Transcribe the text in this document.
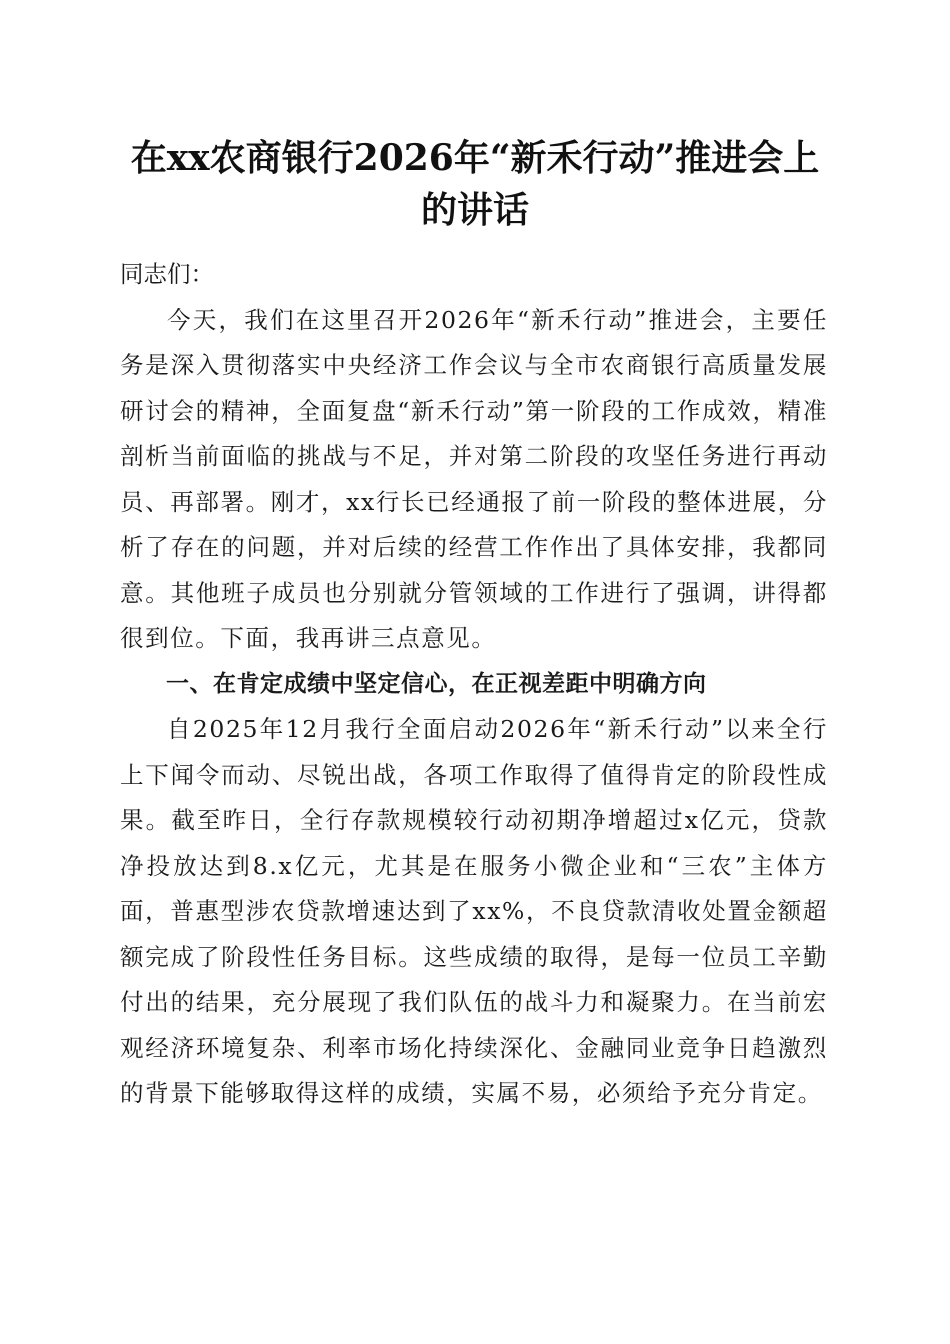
在xx农商银行2026年“新禾行动”推进会上
的讲话

同志们：

今天，我们在这里召开2026年“新禾行动”推进会，主要任务是深入贯彻落实中央经济工作会议与全市农商银行高质量发展研讨会的精神，全面复盘“新禾行动”第一阶段的工作成效，精准剖析当前面临的挑战与不足，并对第二阶段的攻坚任务进行再动员、再部署。刚才，xx行长已经通报了前一阶段的整体进展，分析了存在的问题，并对后续的经营工作作出了具体安排，我都同意。其他班子成员也分别就分管领域的工作进行了强调，讲得都很到位。下面，我再讲三点意见。

一、在肯定成绩中坚定信心，在正视差距中明确方向

自2025年12月我行全面启动2026年“新禾行动”以来全行上下闻令而动、尽锐出战，各项工作取得了值得肯定的阶段性成果。截至昨日，全行存款规模较行动初期净增超过x亿元，贷款净投放达到8.x亿元，尤其是在服务小微企业和“三农”主体方面，普惠型涉农贷款增速达到了xx%，不良贷款清收处置金额超额完成了阶段性任务目标。这些成绩的取得，是每一位员工辛勤付出的结果，充分展现了我们队伍的战斗力和凝聚力。在当前宏观经济环境复杂、利率市场化持续深化、金融同业竞争日趋激烈的背景下能够取得这样的成绩，实属不易，必须给予充分肯定。
